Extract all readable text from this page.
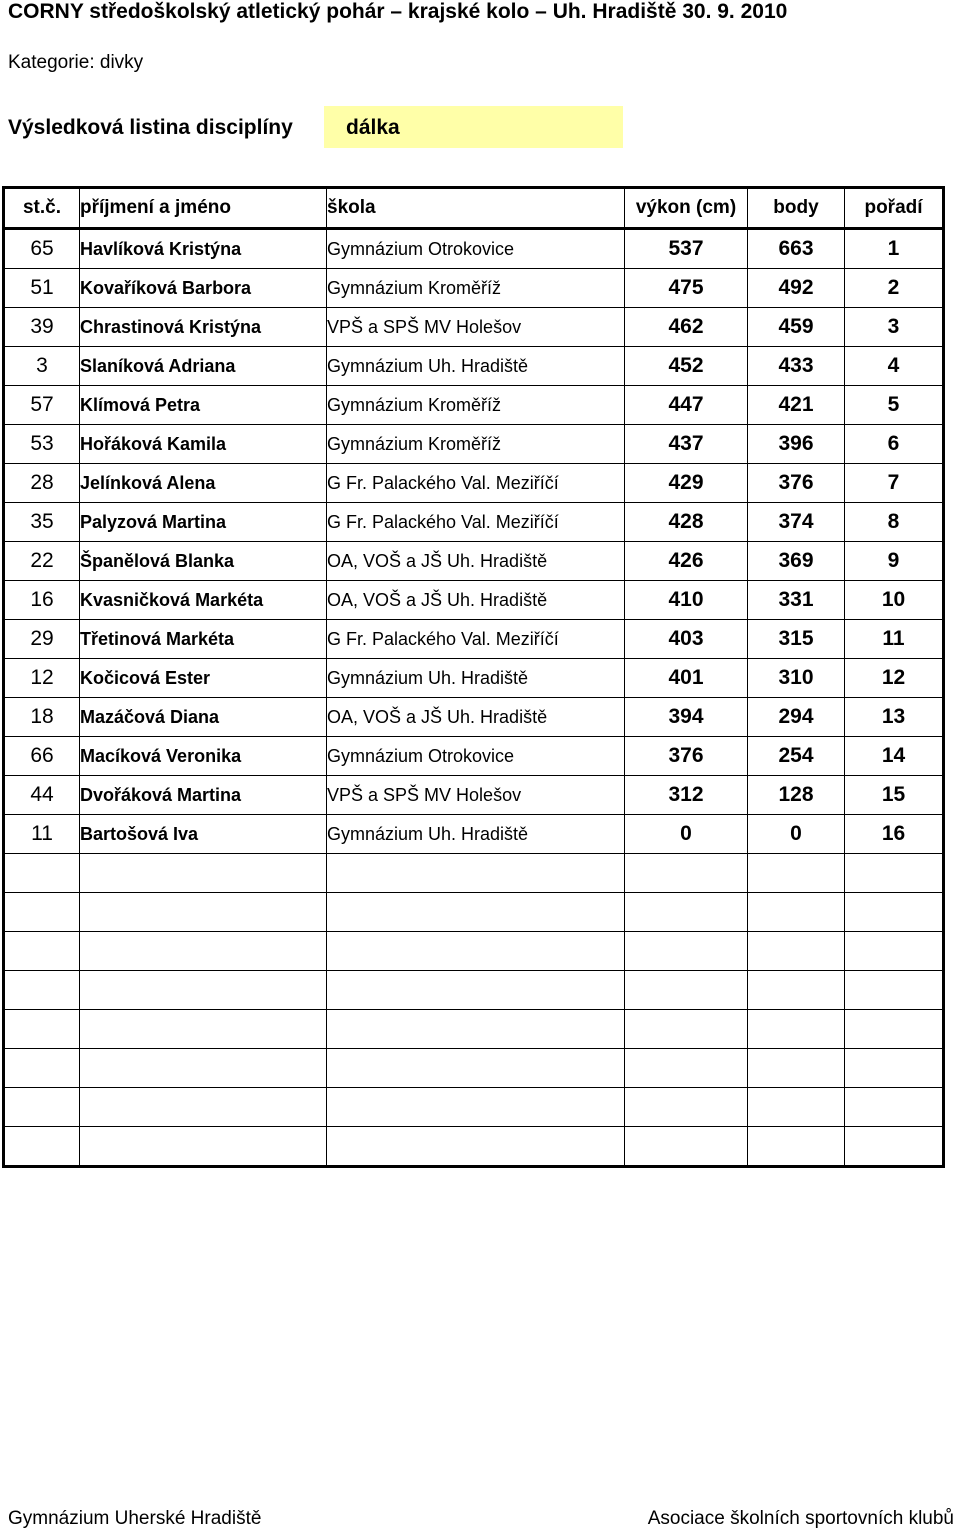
CORNY středoškolský atletický pohár – krajské kolo – Uh. Hradiště 30. 9. 2010
Kategorie: divky
Výsledková listina disciplíny	dálka
st.č.	příjmení a jméno	škola	výkon (cm)	body	pořadí
65	Havlíková Kristýna	Gymnázium Otrokovice	537	663	1
51	Kovaříková Barbora	Gymnázium Kroměříž	475	492	2
39	Chrastinová Kristýna	VPŠ a SPŠ MV Holešov	462	459	3
3	Slaníková Adriana	Gymnázium Uh. Hradiště	452	433	4
57	Klímová Petra	Gymnázium Kroměříž	447	421	5
53	Hořáková Kamila	Gymnázium Kroměříž	437	396	6
28	Jelínková Alena	G Fr. Palackého Val. Meziříčí	429	376	7
35	Palyzová Martina	G Fr. Palackého Val. Meziříčí	428	374	8
22	Španělová Blanka	OA, VOŠ a JŠ Uh. Hradiště	426	369	9
16	Kvasničková Markéta	OA, VOŠ a JŠ Uh. Hradiště	410	331	10
29	Třetinová Markéta	G Fr. Palackého Val. Meziříčí	403	315	11
12	Kočicová Ester	Gymnázium Uh. Hradiště	401	310	12
18	Mazáčová Diana	OA, VOŠ a JŠ Uh. Hradiště	394	294	13
66	Macíková Veronika	Gymnázium Otrokovice	376	254	14
44	Dvořáková Martina	VPŠ a SPŠ MV Holešov	312	128	15
11	Bartošová Iva	Gymnázium Uh. Hradiště	0	0	16

Gymnázium Uherské Hradiště	Asociace školních sportovních klubů
